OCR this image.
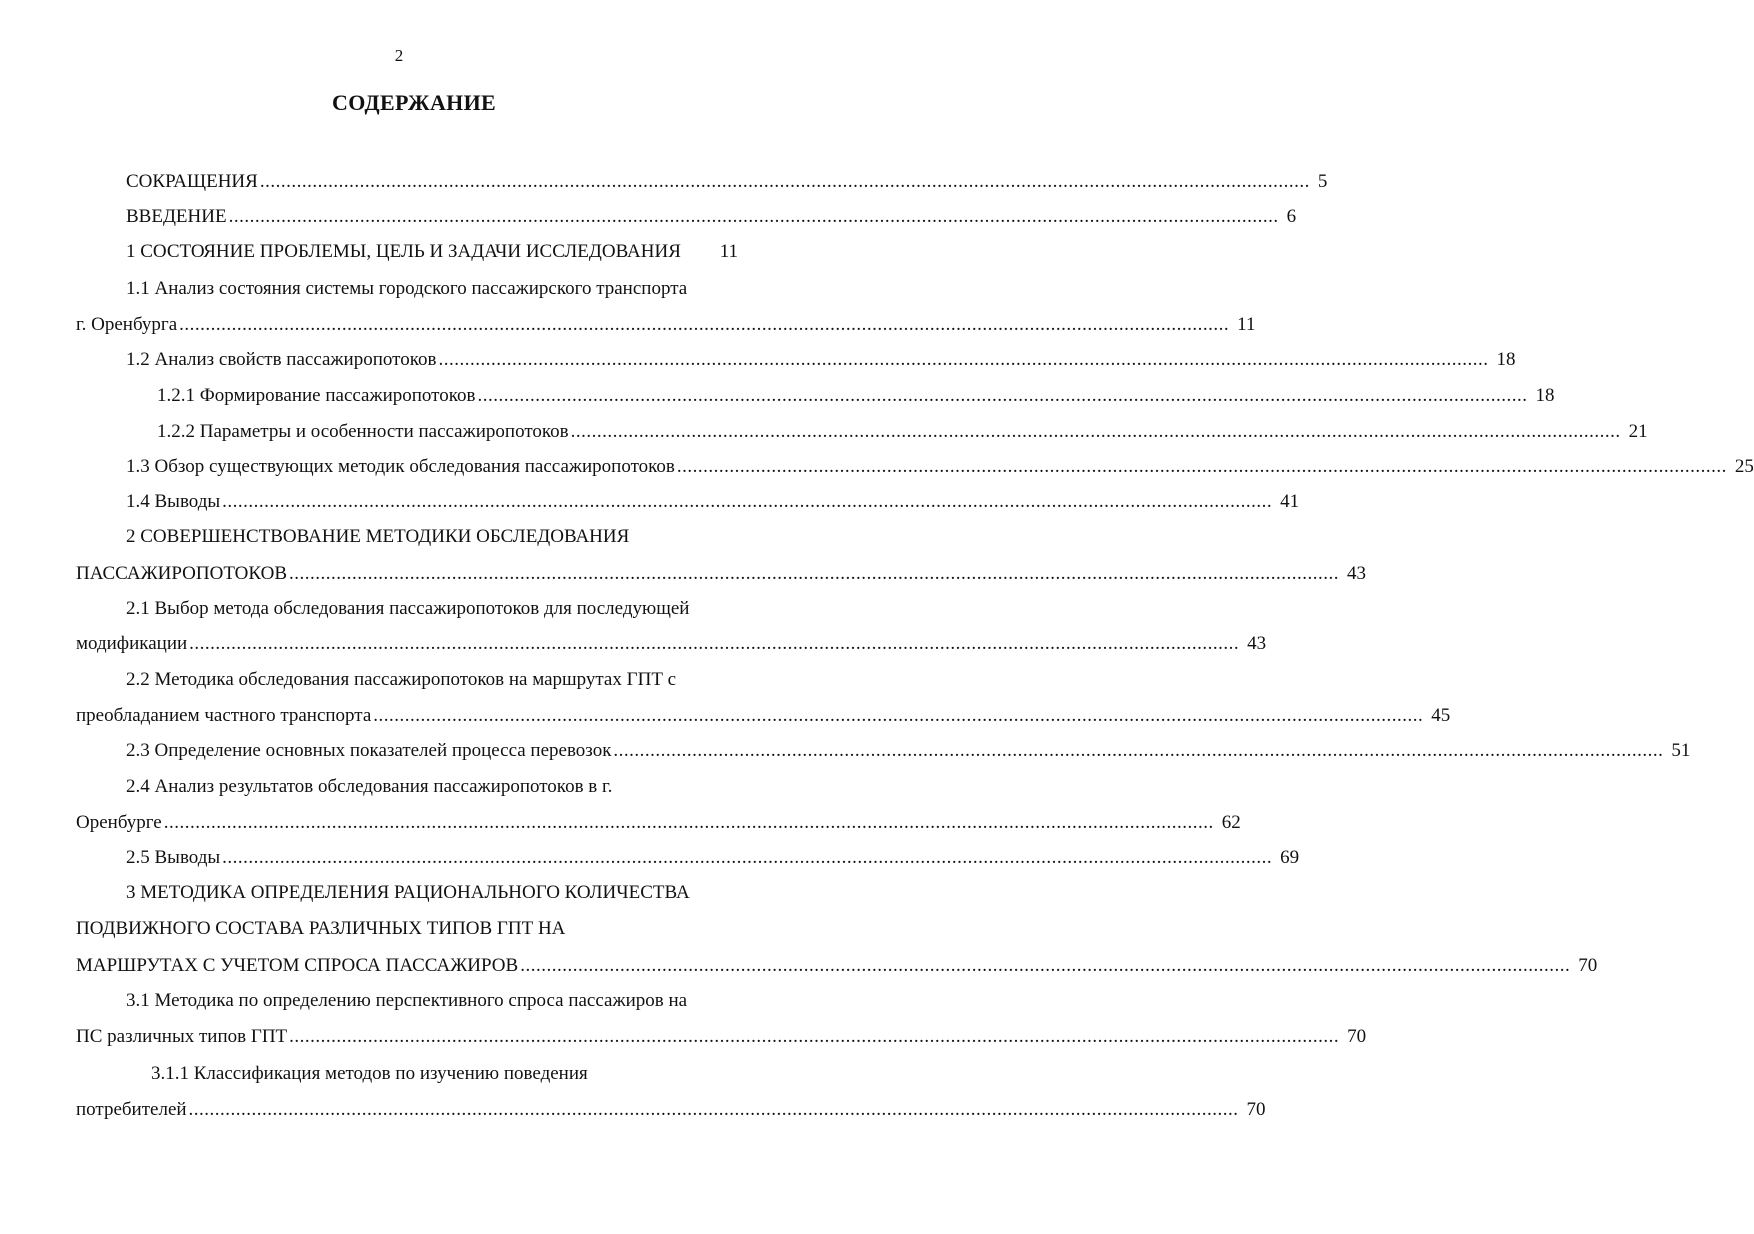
2
СОДЕРЖАНИЕ
СОКРАЩЕНИЯ ........................................................................................................................................................................................................ 5
ВВЕДЕНИЕ ........................................................................................................................................................................................................ 6
1 СОСТОЯНИЕ ПРОБЛЕМЫ, ЦЕЛЬ И ЗАДАЧИ ИССЛЕДОВАНИЯ 11
1.1 Анализ состояния системы городского пассажирского транспорта
г. Оренбурга ........................................................................................................................................................................................................ 11
1.2 Анализ свойств пассажиропотоков ........................................................................................................................................................................................................ 18
1.2.1 Формирование пассажиропотоков ........................................................................................................................................................................................................ 18
1.2.2 Параметры и особенности пассажиропотоков ........................................................................................................................................................................................................ 21
1.3 Обзор существующих методик обследования пассажиропотоков ........................................................................................................................................................................................................ 25
1.4 Выводы ........................................................................................................................................................................................................ 41
2 СОВЕРШЕНСТВОВАНИЕ МЕТОДИКИ ОБСЛЕДОВАНИЯ
ПАССАЖИРОПОТОКОВ ........................................................................................................................................................................................................ 43
2.1 Выбор метода обследования пассажиропотоков для последующей
модификации ........................................................................................................................................................................................................ 43
2.2 Методика обследования пассажиропотоков на маршрутах ГПТ с
преобладанием частного транспорта ........................................................................................................................................................................................................ 45
2.3 Определение основных показателей процесса перевозок ........................................................................................................................................................................................................ 51
2.4 Анализ результатов обследования пассажиропотоков в г.
Оренбурге ........................................................................................................................................................................................................ 62
2.5 Выводы ........................................................................................................................................................................................................ 69
3 МЕТОДИКА ОПРЕДЕЛЕНИЯ РАЦИОНАЛЬНОГО КОЛИЧЕСТВА
ПОДВИЖНОГО СОСТАВА РАЗЛИЧНЫХ ТИПОВ ГПТ НА
МАРШРУТАХ С УЧЕТОМ СПРОСА ПАССАЖИРОВ ........................................................................................................................................................................................................ 70
3.1 Методика по определению перспективного спроса пассажиров на
ПС различных типов ГПТ ........................................................................................................................................................................................................ 70
3.1.1 Классификация методов по изучению поведения
потребителей ........................................................................................................................................................................................................ 70
